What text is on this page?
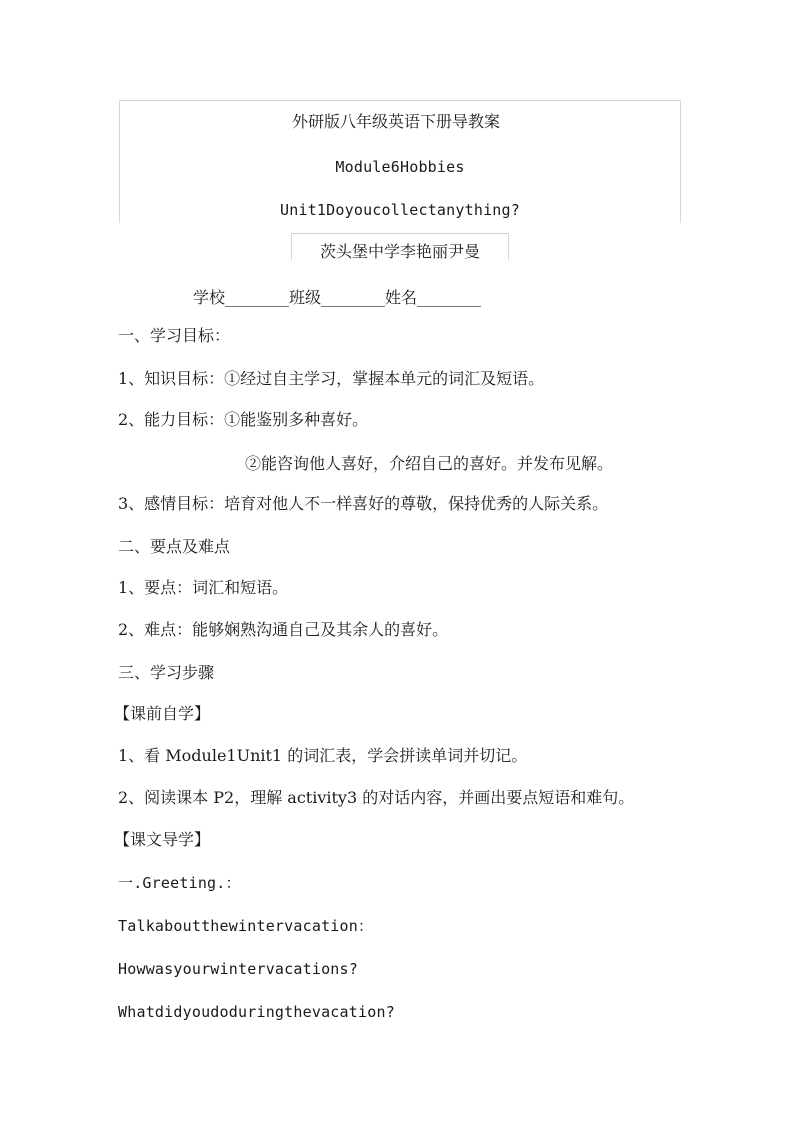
外研版八年级英语下册导教案
Module6Hobbies
Unit1Doyoucollectanything?
茨头堡中学李艳丽尹曼
学校________班级________姓名________
一、学习目标：
1、知识目标：①经过自主学习，掌握本单元的词汇及短语。
2、能力目标：①能鉴别多种喜好。
②能咨询他人喜好，介绍自己的喜好。并发布见解。
3、感情目标：培育对他人不一样喜好的尊敬，保持优秀的人际关系。
二、要点及难点
1、要点：词汇和短语。
2、难点：能够娴熟沟通自己及其余人的喜好。
三、学习步骤
【课前自学】
1、看 Module1Unit1 的词汇表，学会拼读单词并切记。
2、阅读课本 P2，理解 activity3 的对话内容，并画出要点短语和难句。
【课文导学】
一.Greeting.：
Talkaboutthewintervacation：
Howwasyourwintervacations?
Whatdidyoudoduringthevacation?
